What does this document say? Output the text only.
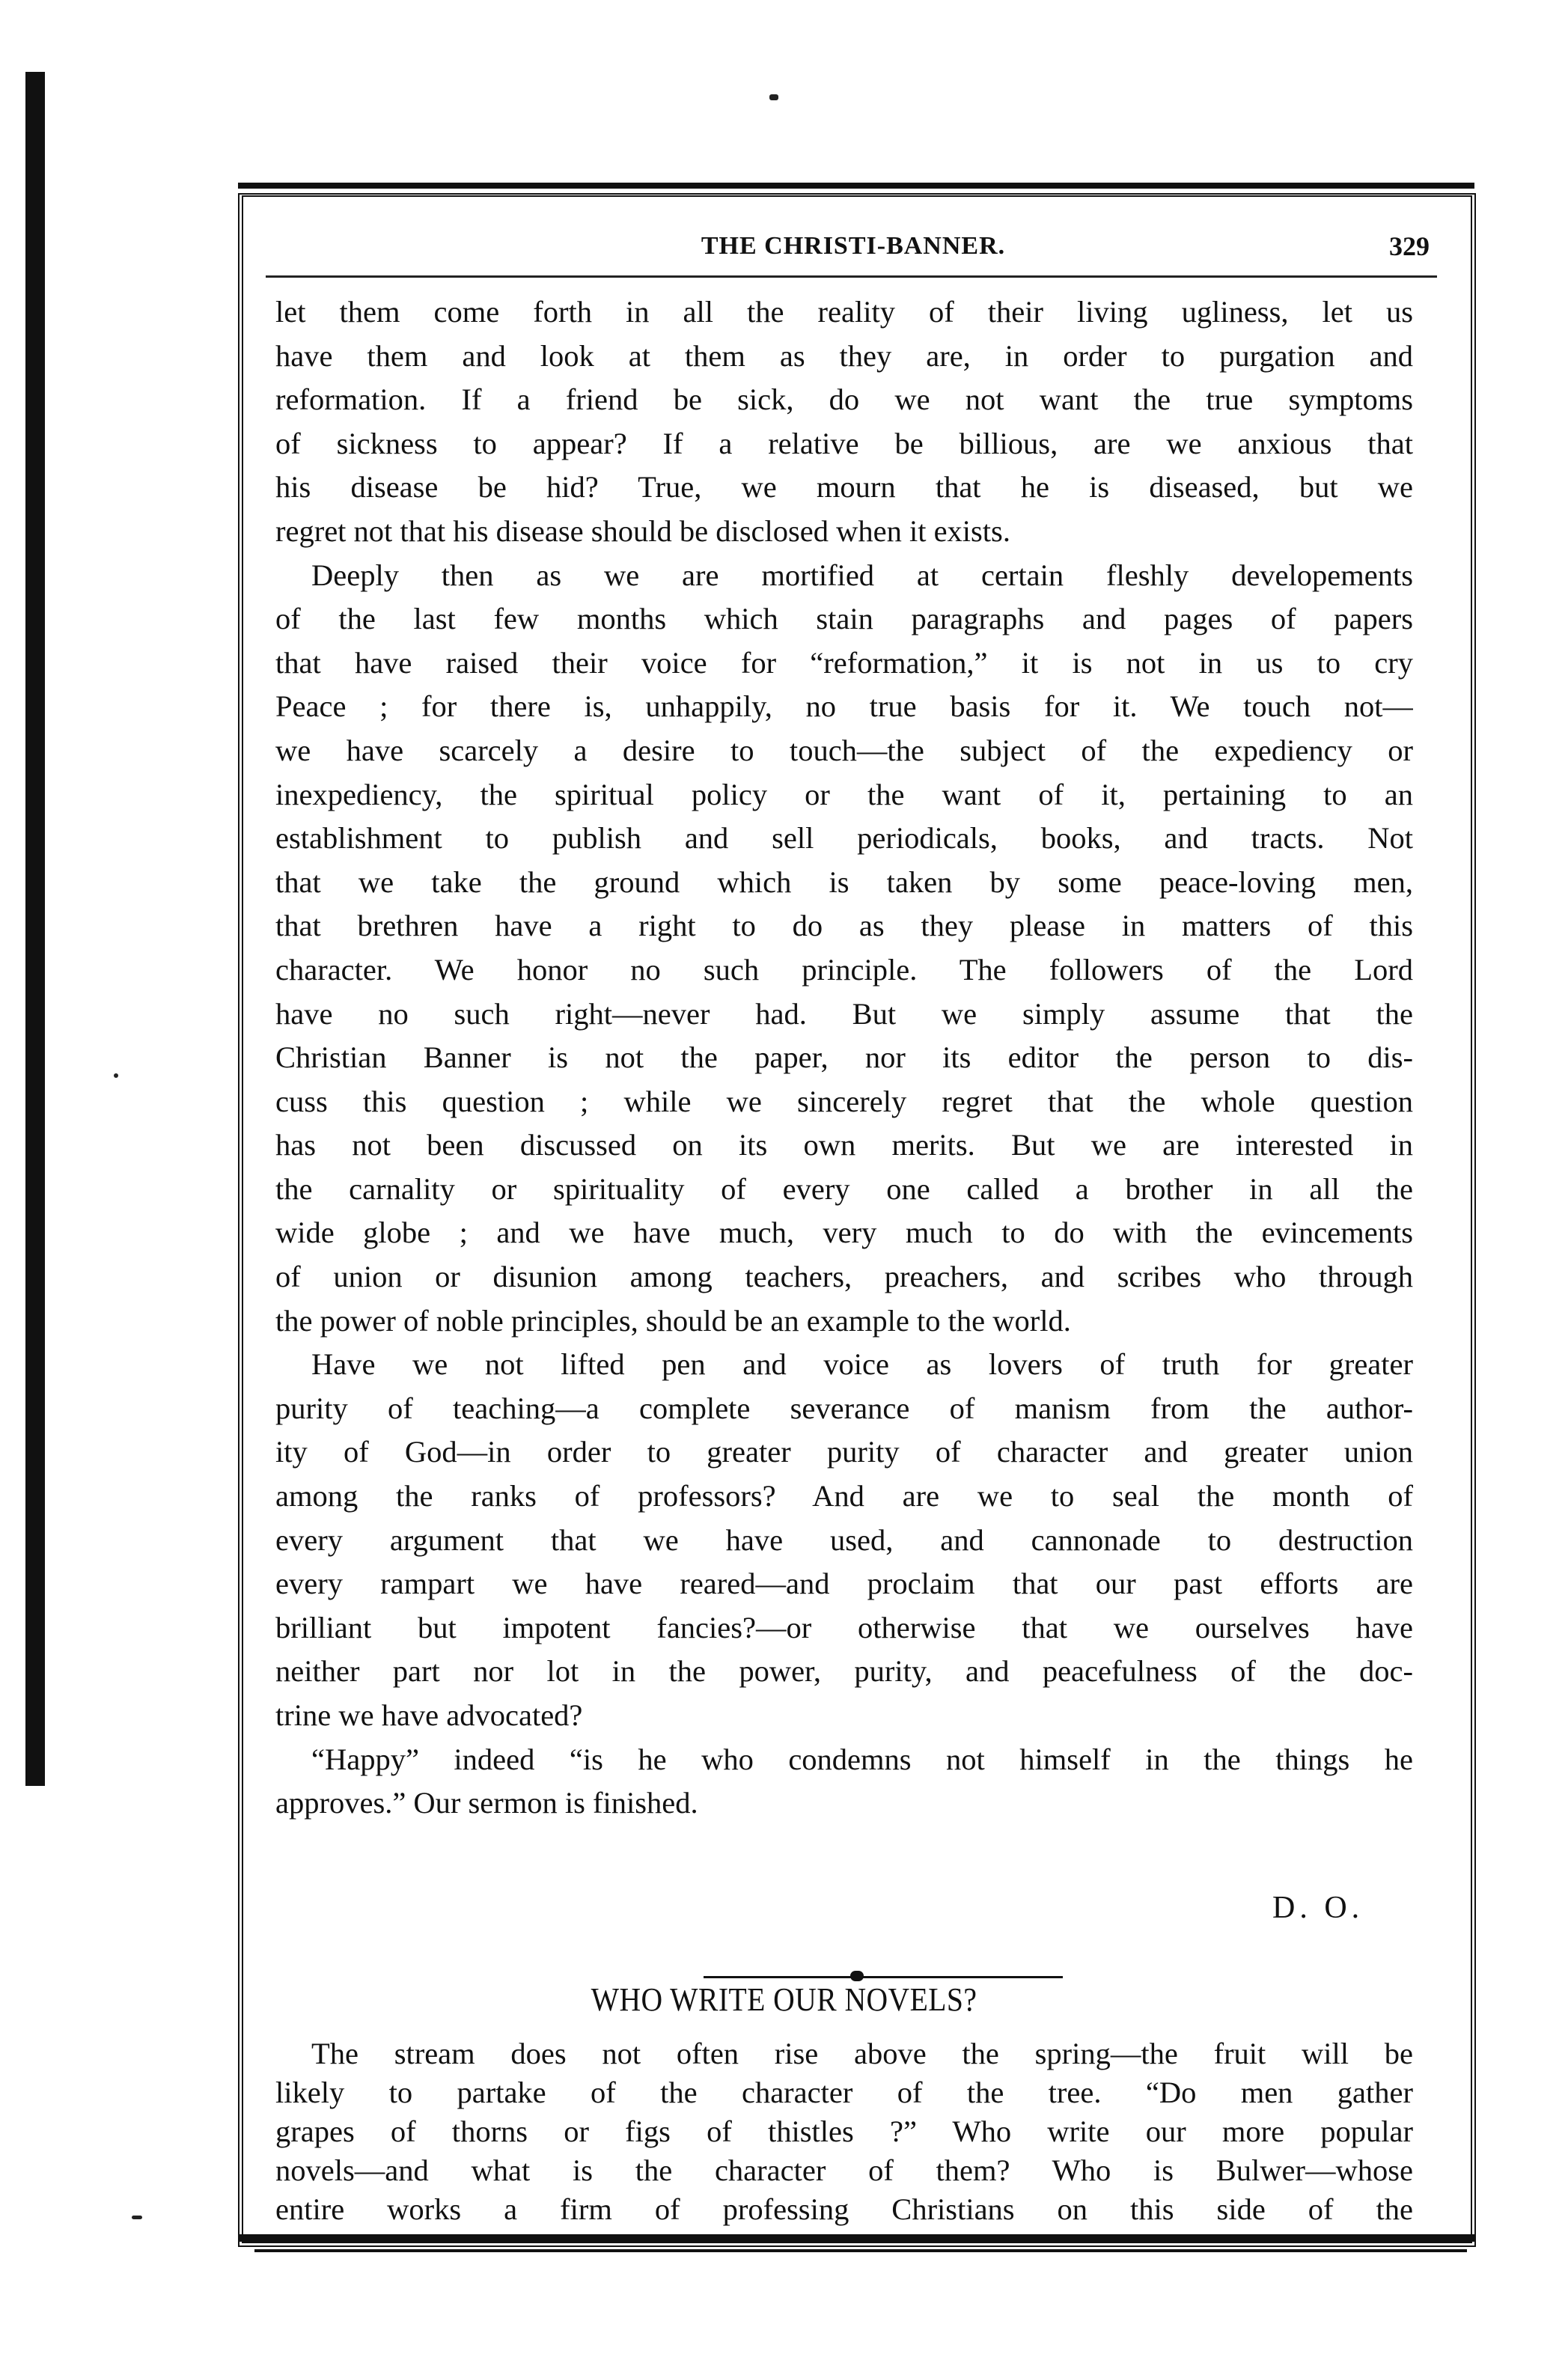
THE CHRISTI-BANNER.	329
let them come forth in all the reality of their living ugliness, let us
have them and look at them as they are, in order to purgation and
reformation. If a friend be sick, do we not want the true symptoms
of sickness to appear? If a relative be billious, are we anxious that
his disease be hid? True, we mourn that he is diseased, but we
regret not that his disease should be disclosed when it exists.
Deeply then as we are mortified at certain fleshly developements
of the last few months which stain paragraphs and pages of papers
that have raised their voice for “reformation,” it is not in us to cry
Peace ; for there is, unhappily, no true basis for it. We touch not—
we have scarcely a desire to touch—the subject of the expediency or
inexpediency, the spiritual policy or the want of it, pertaining to an
establishment to publish and sell periodicals, books, and tracts. Not
that we take the ground which is taken by some peace-loving men,
that brethren have a right to do as they please in matters of this
character. We honor no such principle. The followers of the Lord
have no such right—never had. But we simply assume that the
Christian Banner is not the paper, nor its editor the person to dis-
cuss this question ; while we sincerely regret that the whole question
has not been discussed on its own merits. But we are interested in
the carnality or spirituality of every one called a brother in all the
wide globe ; and we have much, very much to do with the evincements
of union or disunion among teachers, preachers, and scribes who through
the power of noble principles, should be an example to the world.
Have we not lifted pen and voice as lovers of truth for greater
purity of teaching—a complete severance of manism from the author-
ity of God—in order to greater purity of character and greater union
among the ranks of professors? And are we to seal the month of
every argument that we have used, and cannonade to destruction
every rampart we have reared—and proclaim that our past efforts are
brilliant but impotent fancies?—or otherwise that we ourselves have
neither part nor lot in the power, purity, and peacefulness of the doc-
trine we have advocated?
“Happy” indeed “is he who condemns not himself in the things he
approves.” Our sermon is finished.
D. O.
WHO WRITE OUR NOVELS?
The stream does not often rise above the spring—the fruit will be
likely to partake of the character of the tree. “Do men gather
grapes of thorns or figs of thistles ?” Who write our more popular
novels—and what is the character of them? Who is Bulwer—whose
entire works a firm of professing Christians on this side of the
